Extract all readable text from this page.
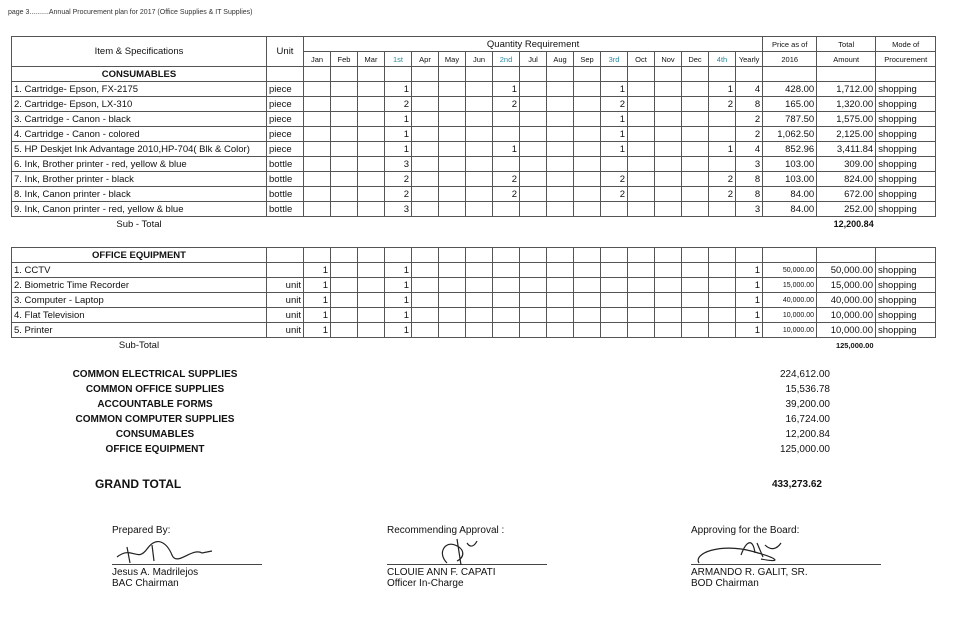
page 3..........Annual Procurement plan for 2017 (Office Supplies & IT Supplies)
Item & Specifications	Unit	Quantity Requirement																	Price as of	Total	Mode of
		Jan	Feb	Mar	1st	Apr	May	Jun	2nd	Jul	Aug	Sep	3rd	Oct	Nov	Dec	4th	Yearly	2016	Amount	Procurement
CONSUMABLES																					
1. Cartridge- Epson, FX-2175	piece				1				1				1				1	4	428.00	1,712.00	shopping
2. Cartridge- Epson, LX-310	piece				2				2				2				2	8	165.00	1,320.00	shopping
3. Cartridge - Canon - black	piece				1								1					2	787.50	1,575.00	shopping
4. Cartridge - Canon - colored	piece				1								1					2	1,062.50	2,125.00	shopping
5. HP Deskjet Ink Advantage 2010,HP-704( Blk & Color)	piece				1				1				1				1	4	852.96	3,411.84	shopping
6. Ink, Brother printer - red, yellow & blue	bottle				3													3	103.00	309.00	shopping
7. Ink, Brother printer - black	bottle				2				2				2				2	8	103.00	824.00	shopping
8. Ink, Canon printer - black	bottle				2				2				2				2	8	84.00	672.00	shopping
9. Ink, Canon printer - red, yellow & blue	bottle				3													3	84.00	252.00	shopping
Sub - Total																				12,200.84	
OFFICE EQUIPMENT																					
1. CCTV		1			1													1	50,000.00	50,000.00	shopping
2. Biometric Time Recorder	unit	1			1													1	15,000.00	15,000.00	shopping
3. Computer - Laptop	unit	1			1													1	40,000.00	40,000.00	shopping
4. Flat Television	unit	1			1													1	10,000.00	10,000.00	shopping
5. Printer	unit	1			1													1	10,000.00	10,000.00	shopping
Sub-Total																				125,000.00	
COMMON ELECTRICAL SUPPLIES	224,612.00
COMMON OFFICE SUPPLIES	15,536.78
ACCOUNTABLE FORMS	39,200.00
COMMON COMPUTER SUPPLIES	16,724.00
CONSUMABLES	12,200.84
OFFICE EQUIPMENT	125,000.00
GRAND TOTAL	433,273.62
Prepared By:
Jesus A. Madrilejos
BAC Chairman
Recommending Approval :
CLOUIE ANN F. CAPATI
Officer In-Charge
Approving for the Board:
ARMANDO R. GALIT, SR.
BOD Chairman
